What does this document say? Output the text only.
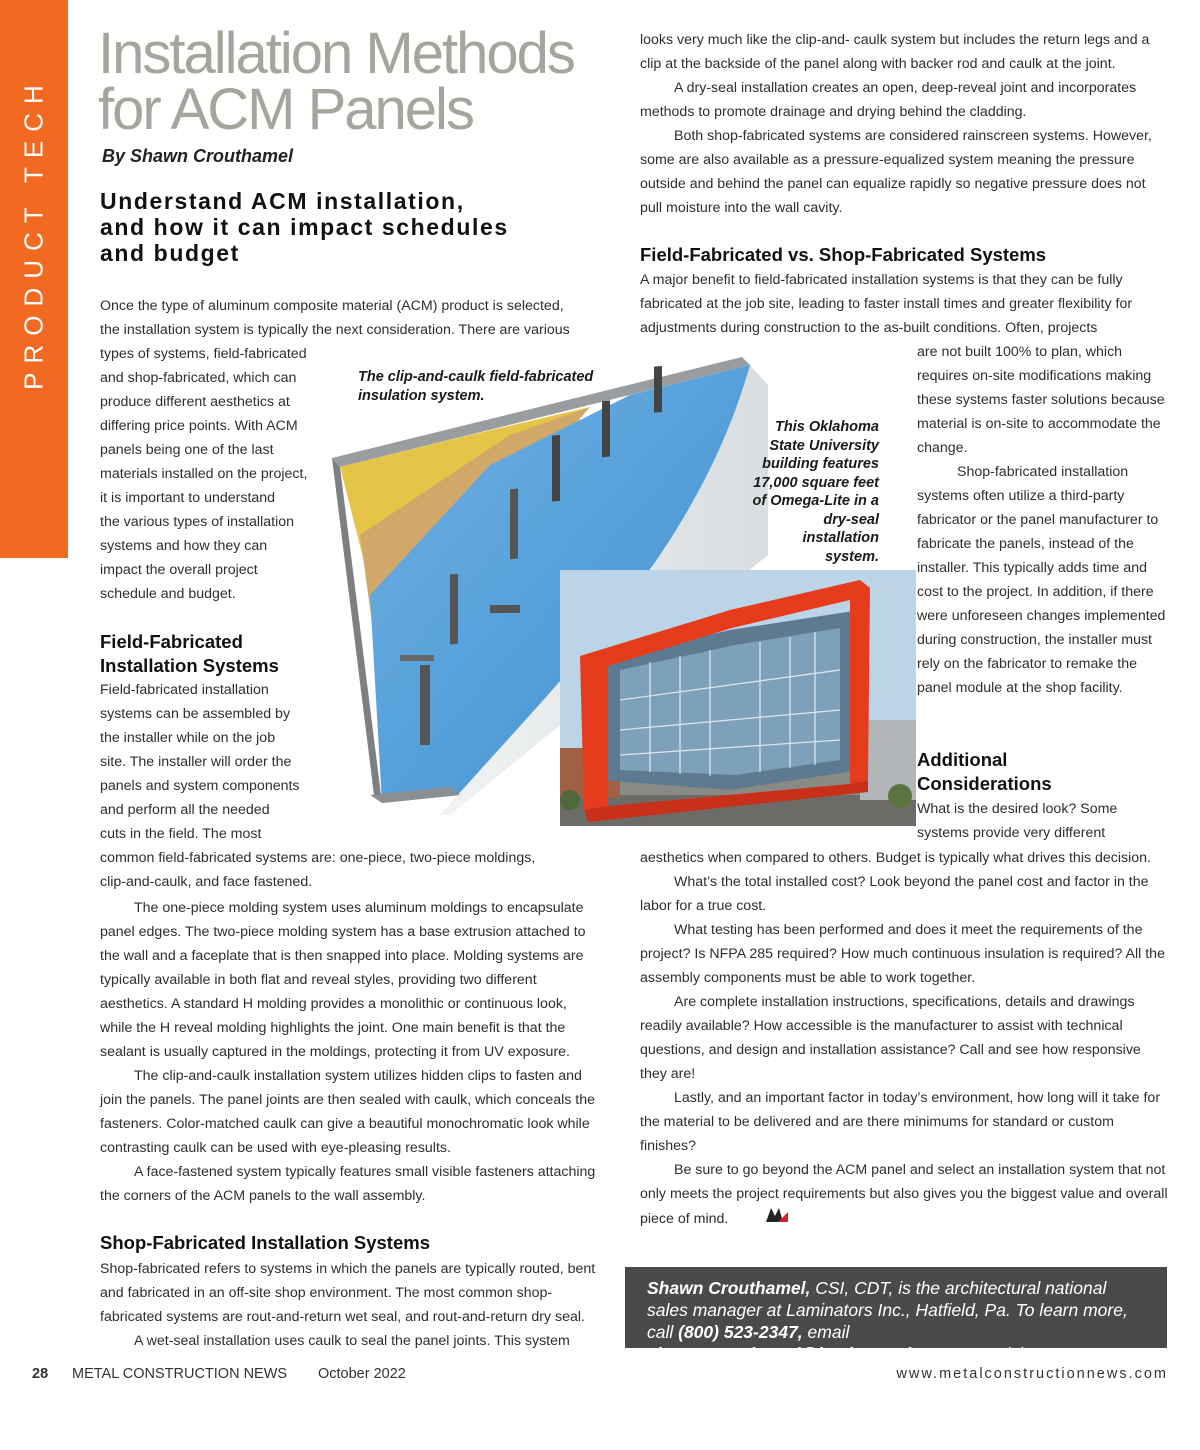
PRODUCT TECH
Installation Methods
for ACM Panels
By Shawn Crouthamel
Understand ACM installation,
and how it can impact schedules
and budget
Once the type of aluminum composite material (ACM) product is selected,
the installation system is typically the next consideration. There are various
types of systems, field-fabricated
and shop-fabricated, which can
produce different aesthetics at
differing price points. With ACM
panels being one of the last
materials installed on the project,
it is important to understand
the various types of installation
systems and how they can
impact the overall project
schedule and budget.
Field-Fabricated
Installation Systems
Field-fabricated installation
systems can be assembled by
the installer while on the job
site. The installer will order the
panels and system components
and perform all the needed
cuts in the field. The most
common field-fabricated systems are: one-piece, two-piece moldings,
clip-and-caulk, and face fastened.

The one-piece molding system uses aluminum moldings to encapsulate panel edges. The two-piece molding system has a base extrusion attached to the wall and a faceplate that is then snapped into place. Molding systems are typically available in both flat and reveal styles, providing two different aesthetics. A standard H molding provides a monolithic or continuous look, while the H reveal molding highlights the joint. One main benefit is that the sealant is usually captured in the moldings, protecting it from UV exposure.

The clip-and-caulk installation system utilizes hidden clips to fasten and join the panels. The panel joints are then sealed with caulk, which conceals the fasteners. Color-matched caulk can give a beautiful monochromatic look while contrasting caulk can be used with eye-pleasing results.

A face-fastened system typically features small visible fasteners attaching the corners of the ACM panels to the wall assembly.

Shop-Fabricated Installation Systems

Shop-fabricated refers to systems in which the panels are typically routed, bent and fabricated in an off-site shop environment. The most common shop-fabricated systems are rout-and-return wet seal, and rout-and-return dry seal.

A wet-seal installation uses caulk to seal the panel joints. This system

looks very much like the clip-and- caulk system but includes the return legs and a clip at the backside of the panel along with backer rod and caulk at the joint.

A dry-seal installation creates an open, deep-reveal joint and incorporates methods to promote drainage and drying behind the cladding.

Both shop-fabricated systems are considered rainscreen systems. However, some are also available as a pressure-equalized system meaning the pressure outside and behind the panel can equalize rapidly so negative pressure does not pull moisture into the wall cavity.

Field-Fabricated vs. Shop-Fabricated Systems
A major benefit to field-fabricated installation systems is that they can be fully fabricated at the job site, leading to faster install times and greater flexibility for adjustments during construction to the as-built conditions. Often, projects

are not built 100% to plan, which requires on-site modifications making these systems faster solutions because material is on-site to accommodate the change.

Shop-fabricated installation systems often utilize a third-party fabricator or the panel manufacturer to fabricate the panels, instead of the installer. This typically adds time and cost to the project. In addition, if there were unforeseen changes implemented during construction, the installer must rely on the fabricator to remake the panel module at the shop facility.

Additional
Considerations
What is the desired look? Some systems provide very different
aesthetics when compared to others. Budget is typically what drives this decision.

What’s the total installed cost? Look beyond the panel cost and factor in the labor for a true cost.

What testing has been performed and does it meet the requirements of the project? Is NFPA 285 required? How much continuous insulation is required? All the assembly components must be able to work together.

Are complete installation instructions, specifications, details and drawings readily available? How accessible is the manufacturer to assist with technical questions, and design and installation assistance? Call and see how responsive they are!

Lastly, and an important factor in today’s environment, how long will it take for the material to be delivered and are there minimums for standard or custom finishes?

Be sure to go beyond the ACM panel and select an installation system that not only meets the project requirements but also gives you the biggest value and overall piece of mind.

The clip-and-caulk field-fabricated insulation system.
This Oklahoma State University building features 17,000 square feet of Omega-Lite in a dry-seal installation system.
Shawn Crouthamel, CSI, CDT, is the architectural national sales manager at Laminators Inc., Hatfield, Pa. To learn more, call (800) 523-2347, email shawn.crouthamel@laminatorsinc.com or visit www.laminatorsinc.com.
28 METAL CONSTRUCTION NEWS October 2022	www.metalconstructionnews.com
